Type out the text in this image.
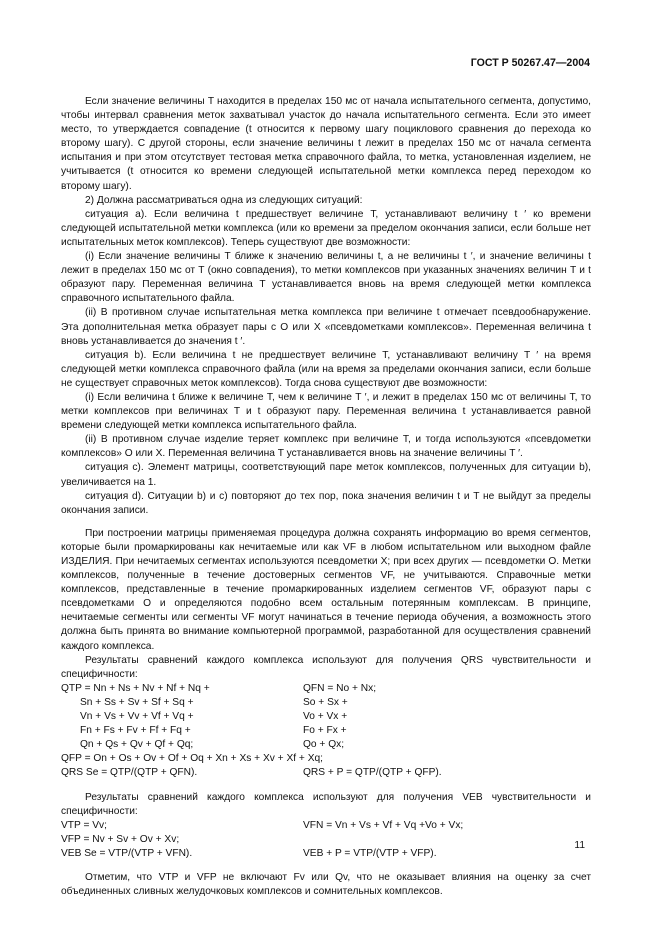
ГОСТ Р 50267.47—2004

Если значение величины T находится в пределах 150 мс от начала испытательного сегмента, допустимо, чтобы интервал сравнения меток захватывал участок до начала испытательного сегмента. Если это имеет место, то утверждается совпадение (t относится к первому шагу поциклового сравнения до перехода ко второму шагу). С другой стороны, если значение величины t лежит в пределах 150 мс от начала сегмента испытания и при этом отсутствует тестовая метка справочного файла, то метка, установленная изделием, не учитывается (t относится ко времени следующей испытательной метки комплекса перед переходом ко второму шагу).

2) Должна рассматриваться одна из следующих ситуаций:

ситуация а). Если величина t предшествует величине T, устанавливают величину t ′ ко времени следующей испытательной метки комплекса (или ко времени за пределом окончания записи, если больше нет испытательных меток комплексов). Теперь существуют две возможности:

(i) Если значение величины T ближе к значению величины t, а не величины t ′, и значение величины t лежит в пределах 150 мс от T (окно совпадения), то метки комплексов при указанных значениях величин T и t образуют пару. Переменная величина T устанавливается вновь на время следующей метки комплекса справочного испытательного файла.

(ii) В противном случае испытательная метка комплекса при величине t отмечает псевдообнаружение. Эта дополнительная метка образует пары с О или X «псевдометками комплексов». Переменная величина t вновь устанавливается до значения t ′.

ситуация b). Если величина t не предшествует величине T, устанавливают величину T ′ на время следующей метки комплекса справочного файла (или на время за пределами окончания записи, если больше не существует справочных меток комплексов). Тогда снова существуют две возможности:

(i) Если величина t ближе к величине T, чем к величине T ′, и лежит в пределах 150 мс от величины T, то метки комплексов при величинах T и t образуют пару. Переменная величина t устанавливается равной времени следующей метки комплекса испытательного файла.

(ii) В противном случае изделие теряет комплекс при величине T, и тогда используются «псевдометки комплексов» О или X. Переменная величина T устанавливается вновь на значение величины T ′.

ситуация с). Элемент матрицы, соответствующий паре меток комплексов, полученных для ситуации b), увеличивается на 1.

ситуация d). Ситуации b) и c) повторяют до тех пор, пока значения величин t и T не выйдут за пределы окончания записи.

При построении матрицы применяемая процедура должна сохранять информацию во время сегментов, которые были промаркированы как нечитаемые или как VF в любом испытательном или выходном файле ИЗДЕЛИЯ. При нечитаемых сегментах используются псевдометки X; при всех других — псевдометки О. Метки комплексов, полученные в течение достоверных сегментов VF, не учитываются. Справочные метки комплексов, представленные в течение промаркированных изделием сегментов VF, образуют пары с псевдометками О и определяются подобно всем остальным потерянным комплексам. В принципе, нечитаемые сегменты или сегменты VF могут начинаться в течение периода обучения, а возможность этого должна быть принята во внимание компьютерной программой, разработанной для осуществления сравнений каждого комплекса.

Результаты сравнений каждого комплекса используют для получения QRS чувствительности и специфичности:

QTP = Nn + Ns + Nv + Nf + Nq +	QFN = No + Nx;
Sn + Ss + Sv + Sf + Sq +	So + Sx +
Vn + Vs + Vv + Vf + Vq +	Vo + Vx +
Fn + Fs + Fv + Ff + Fq +	Fo + Fx +
Qn + Qs + Qv + Qf + Qq;	Qo + Qx;

QFP = On + Os + Ov + Of + Oq + Xn + Xs + Xv + Xf + Xq;

QRS Se = QTP/(QTP + QFN).	QRS + P = QTP/(QTP + QFP).

Результаты сравнений каждого комплекса используют для получения VEB чувствительности и специфичности:

VTP = Vv;	VFN = Vn + Vs + Vf + Vq +Vo + Vx;
VFP = Nv + Sv + Ov + Xv;
VEB Se = VTP/(VTP + VFN).	VEB + P = VTP/(VTP + VFP).

Отметим, что VTP и VFP не включают Fv или Qv, что не оказывает влияния на оценку за счет объединенных сливных желудочковых комплексов и сомнительных комплексов.

11
